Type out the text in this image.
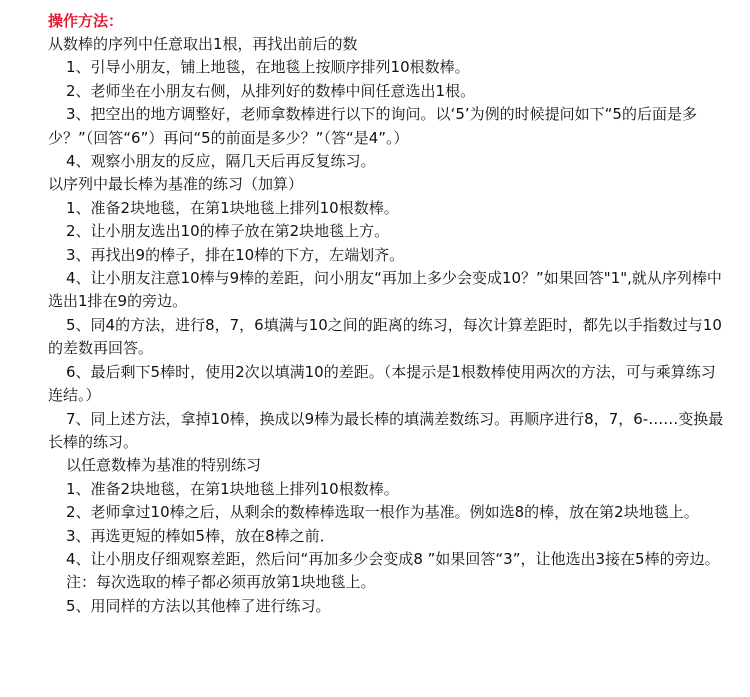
操作方法：
从数棒的序列中任意取出1根，再找出前后的数
1、引导小朋友，铺上地毯，在地毯上按顺序排列10根数棒。
2、老师坐在小朋友右侧，从排列好的数棒中间任意选出1根。
3、把空出的地方调整好，老师拿数棒进行以下的询问。以‘5’为例的时候提问如下“5的后面是多少？”（回答“6”）再问“5的前面是多少？”（答“是4”。）
4、观察小朋友的反应，隔几天后再反复练习。
以序列中最长棒为基准的练习（加算）
1、准备2块地毯，在第1块地毯上排列10根数棒。
2、让小朋友选出10的棒子放在第2块地毯上方。
3、再找出9的棒子，排在10棒的下方，左端划齐。
4、让小朋友注意10棒与9棒的差距，问小朋友“再加上多少会变成10？”如果回答"1",就从序列棒中选出1排在9的旁边。
5、同4的方法，进行8，7，6填满与10之间的距离的练习，每次计算差距时，都先以手指数过与10的差数再回答。
6、最后剩下5棒时，使用2次以填满10的差距。（本提示是1根数棒使用两次的方法，可与乘算练习连结。）
7、同上述方法，拿掉10棒，换成以9棒为最长棒的填满差数练习。再顺序进行8，7，6-……变换最长棒的练习。
以任意数棒为基准的特别练习
1、准备2块地毯，在第1块地毯上排列10根数棒。
2、老师拿过10棒之后，从剩余的数棒棒选取一根作为基准。例如选8的棒，放在第2块地毯上。
3、再选更短的棒如5棒，放在8棒之前．
4、让小朋皮仔细观察差距，然后问“再加多少会变成8 ”如果回答“3”，让他选出3接在5棒的旁边。
注：每次选取的棒子都必须再放第1块地毯上。
5、用同样的方法以其他棒了进行练习。
